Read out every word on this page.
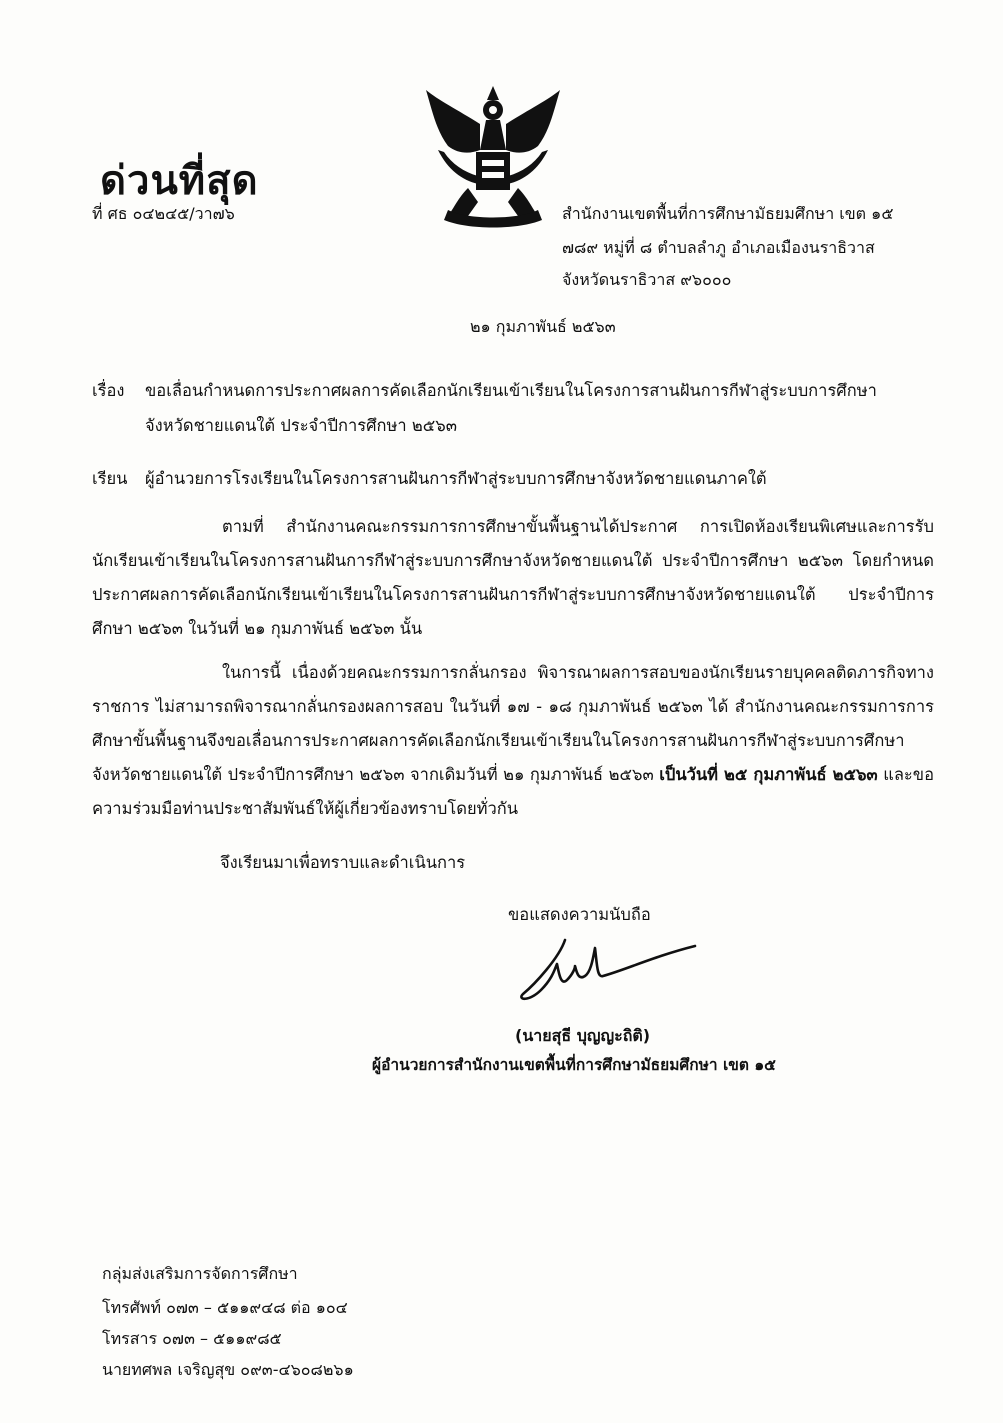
ด่วนที่สุด
ที่ ศธ ๐๔๒๔๕/วา๗๖	สำนักงานเขตพื้นที่การศึกษามัธยมศึกษา เขต ๑๕
๗๘๙ หมู่ที่ ๘ ตำบลลำภู อำเภอเมืองนราธิวาส
จังหวัดนราธิวาส ๙๖๐๐๐
๒๑ กุมภาพันธ์ ๒๕๖๓
เรื่อง ขอเลื่อนกำหนดการประกาศผลการคัดเลือกนักเรียนเข้าเรียนในโครงการสานฝันการกีฬาสู่ระบบการศึกษา
จังหวัดชายแดนใต้ ประจำปีการศึกษา ๒๕๖๓
เรียน ผู้อำนวยการโรงเรียนในโครงการสานฝันการกีฬาสู่ระบบการศึกษาจังหวัดชายแดนภาคใต้
ตามที่ สำนักงานคณะกรรมการการศึกษาขั้นพื้นฐานได้ประกาศ การเปิดห้องเรียนพิเศษและการรับนักเรียนเข้าเรียนในโครงการสานฝันการกีฬาสู่ระบบการศึกษาจังหวัดชายแดนใต้ ประจำปีการศึกษา ๒๕๖๓ โดยกำหนดประกาศผลการคัดเลือกนักเรียนเข้าเรียนในโครงการสานฝันการกีฬาสู่ระบบการศึกษาจังหวัดชายแดนใต้ ประจำปีการศึกษา ๒๕๖๓ ในวันที่ ๒๑ กุมภาพันธ์ ๒๕๖๓ นั้น
ในการนี้ เนื่องด้วยคณะกรรมการกลั่นกรอง พิจารณาผลการสอบของนักเรียนรายบุคคลติดภารกิจทางราชการ ไม่สามารถพิจารณากลั่นกรองผลการสอบ ในวันที่ ๑๗ - ๑๘ กุมภาพันธ์ ๒๕๖๓ ได้ สำนักงานคณะกรรมการการศึกษาขั้นพื้นฐานจึงขอเลื่อนการประกาศผลการคัดเลือกนักเรียนเข้าเรียนในโครงการสานฝันการกีฬาสู่ระบบการศึกษาจังหวัดชายแดนใต้ ประจำปีการศึกษา ๒๕๖๓ จากเดิมวันที่ ๒๑ กุมภาพันธ์ ๒๕๖๓ เป็นวันที่ ๒๕ กุมภาพันธ์ ๒๕๖๓ และขอความร่วมมือท่านประชาสัมพันธ์ให้ผู้เกี่ยวข้องทราบโดยทั่วกัน
จึงเรียนมาเพื่อทราบและดำเนินการ
ขอแสดงความนับถือ
(นายสุธี บุญญะถิติ)
ผู้อำนวยการสำนักงานเขตพื้นที่การศึกษามัธยมศึกษา เขต ๑๕
กลุ่มส่งเสริมการจัดการศึกษา
โทรศัพท์ ๐๗๓ – ๕๑๑๙๔๘ ต่อ ๑๐๔
โทรสาร ๐๗๓ – ๕๑๑๙๘๕
นายทศพล เจริญสุข ๐๙๓-๔๖๐๘๒๖๑
